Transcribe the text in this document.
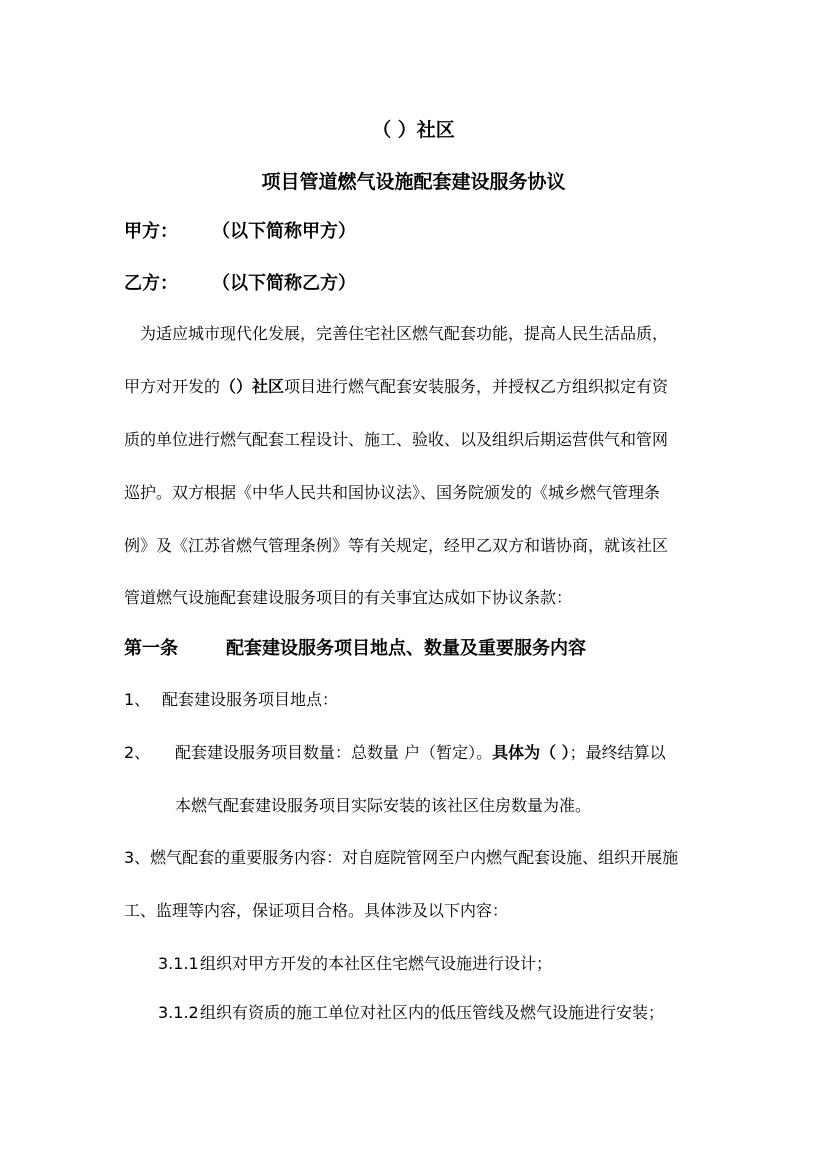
（ ）社区
项目管道燃气设施配套建设服务协议
甲方： （以下简称甲方）
乙方： （以下简称乙方）
为适应城市现代化发展，完善住宅社区燃气配套功能，提高人民生活品质，
甲方对开发的（）社区项目进行燃气配套安装服务，并授权乙方组织拟定有资
质的单位进行燃气配套工程设计、施工、验收、以及组织后期运营供气和管网
巡护。双方根据《中华人民共和国协议法》、国务院颁发的《城乡燃气管理条
例》及《江苏省燃气管理条例》等有关规定，经甲乙双方和谐协商，就该社区
管道燃气设施配套建设服务项目的有关事宜达成如下协议条款：
第一条	配套建设服务项目地点、数量及重要服务内容
1、 配套建设服务项目地点：
2、 配套建设服务项目数量：总数量 户（暂定）。具体为（ ）；最终结算以
本燃气配套建设服务项目实际安装的该社区住房数量为准。
3、燃气配套的重要服务内容：对自庭院管网至户内燃气配套设施、组织开展施
工、监理等内容，保证项目合格。具体涉及以下内容：
3.1.1 组织对甲方开发的本社区住宅燃气设施进行设计；
3.1.2 组织有资质的施工单位对社区内的低压管线及燃气设施进行安装；
